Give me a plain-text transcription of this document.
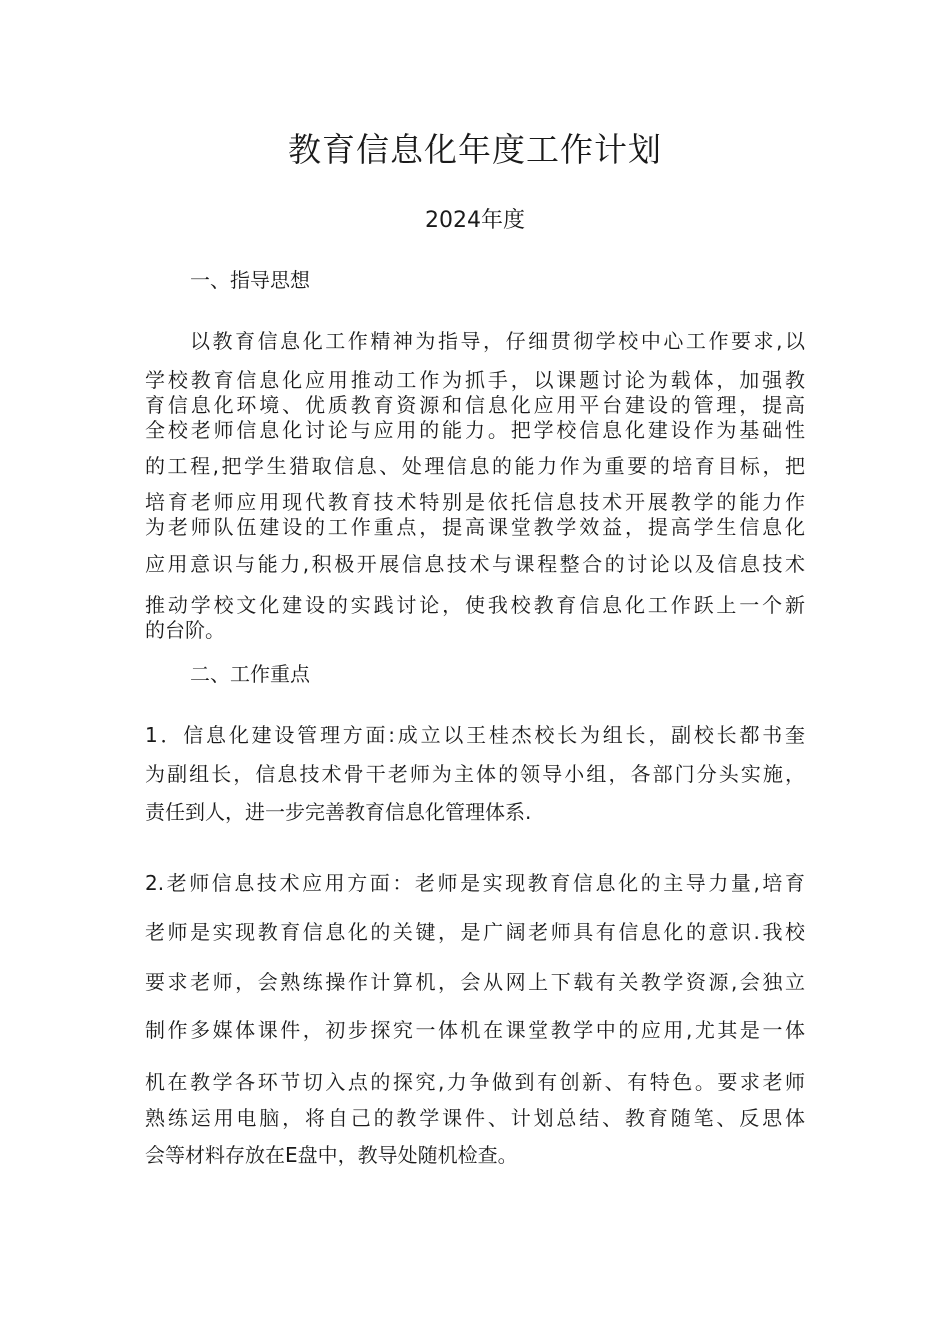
教育信息化年度工作计划
2024年度
一、指导思想
以教育信息化工作精神为指导，仔细贯彻学校中心工作要求,以
学校教育信息化应用推动工作为抓手，以课题讨论为载体，加强教
育信息化环境、优质教育资源和信息化应用平台建设的管理，提高
全校老师信息化讨论与应用的能力。把学校信息化建设作为基础性
的工程,把学生猎取信息、处理信息的能力作为重要的培育目标，把
培育老师应用现代教育技术特别是依托信息技术开展教学的能力作
为老师队伍建设的工作重点，提高课堂教学效益，提高学生信息化
应用意识与能力,积极开展信息技术与课程整合的讨论以及信息技术
推动学校文化建设的实践讨论，使我校教育信息化工作跃上一个新
的台阶。
二、工作重点
1．信息化建设管理方面:成立以王桂杰校长为组长，副校长都书奎
为副组长，信息技术骨干老师为主体的领导小组，各部门分头实施，
责任到人，进一步完善教育信息化管理体系.
2.老师信息技术应用方面：老师是实现教育信息化的主导力量,培育
老师是实现教育信息化的关键，是广阔老师具有信息化的意识.我校
要求老师，会熟练操作计算机，会从网上下载有关教学资源,会独立
制作多媒体课件，初步探究一体机在课堂教学中的应用,尤其是一体
机在教学各环节切入点的探究,力争做到有创新、有特色。要求老师
熟练运用电脑，将自己的教学课件、计划总结、教育随笔、反思体
会等材料存放在E盘中，教导处随机检查。
